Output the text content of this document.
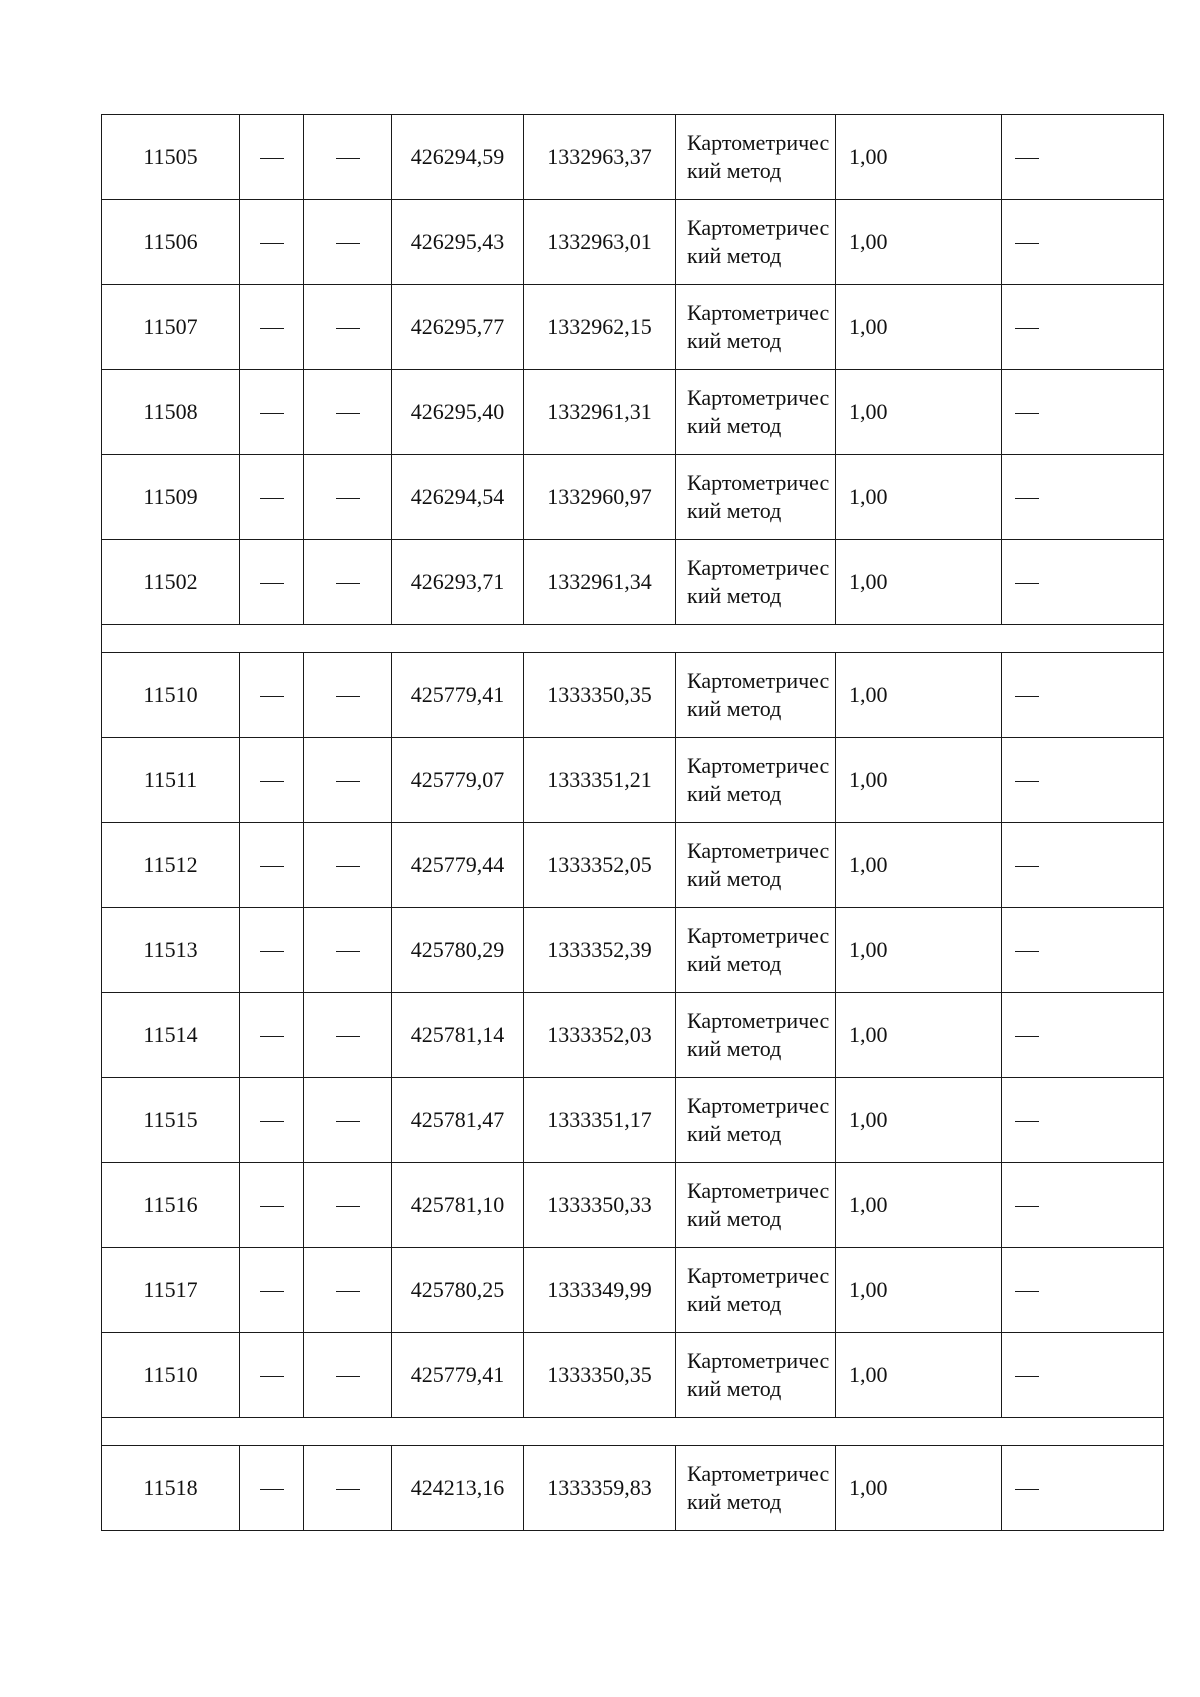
11505			426294,59	1332963,37	Картометрический метод	1,00	
11506			426295,43	1332963,01	Картометрический метод	1,00	
11507			426295,77	1332962,15	Картометрический метод	1,00	
11508			426295,40	1332961,31	Картометрический метод	1,00	
11509			426294,54	1332960,97	Картометрический метод	1,00	
11502			426293,71	1332961,34	Картометрический метод	1,00	

11510			425779,41	1333350,35	Картометрический метод	1,00	
11511			425779,07	1333351,21	Картометрический метод	1,00	
11512			425779,44	1333352,05	Картометрический метод	1,00	
11513			425780,29	1333352,39	Картометрический метод	1,00	
11514			425781,14	1333352,03	Картометрический метод	1,00	
11515			425781,47	1333351,17	Картометрический метод	1,00	
11516			425781,10	1333350,33	Картометрический метод	1,00	
11517			425780,25	1333349,99	Картометрический метод	1,00	
11510			425779,41	1333350,35	Картометрический метод	1,00	

11518			424213,16	1333359,83	Картометрический метод	1,00	
